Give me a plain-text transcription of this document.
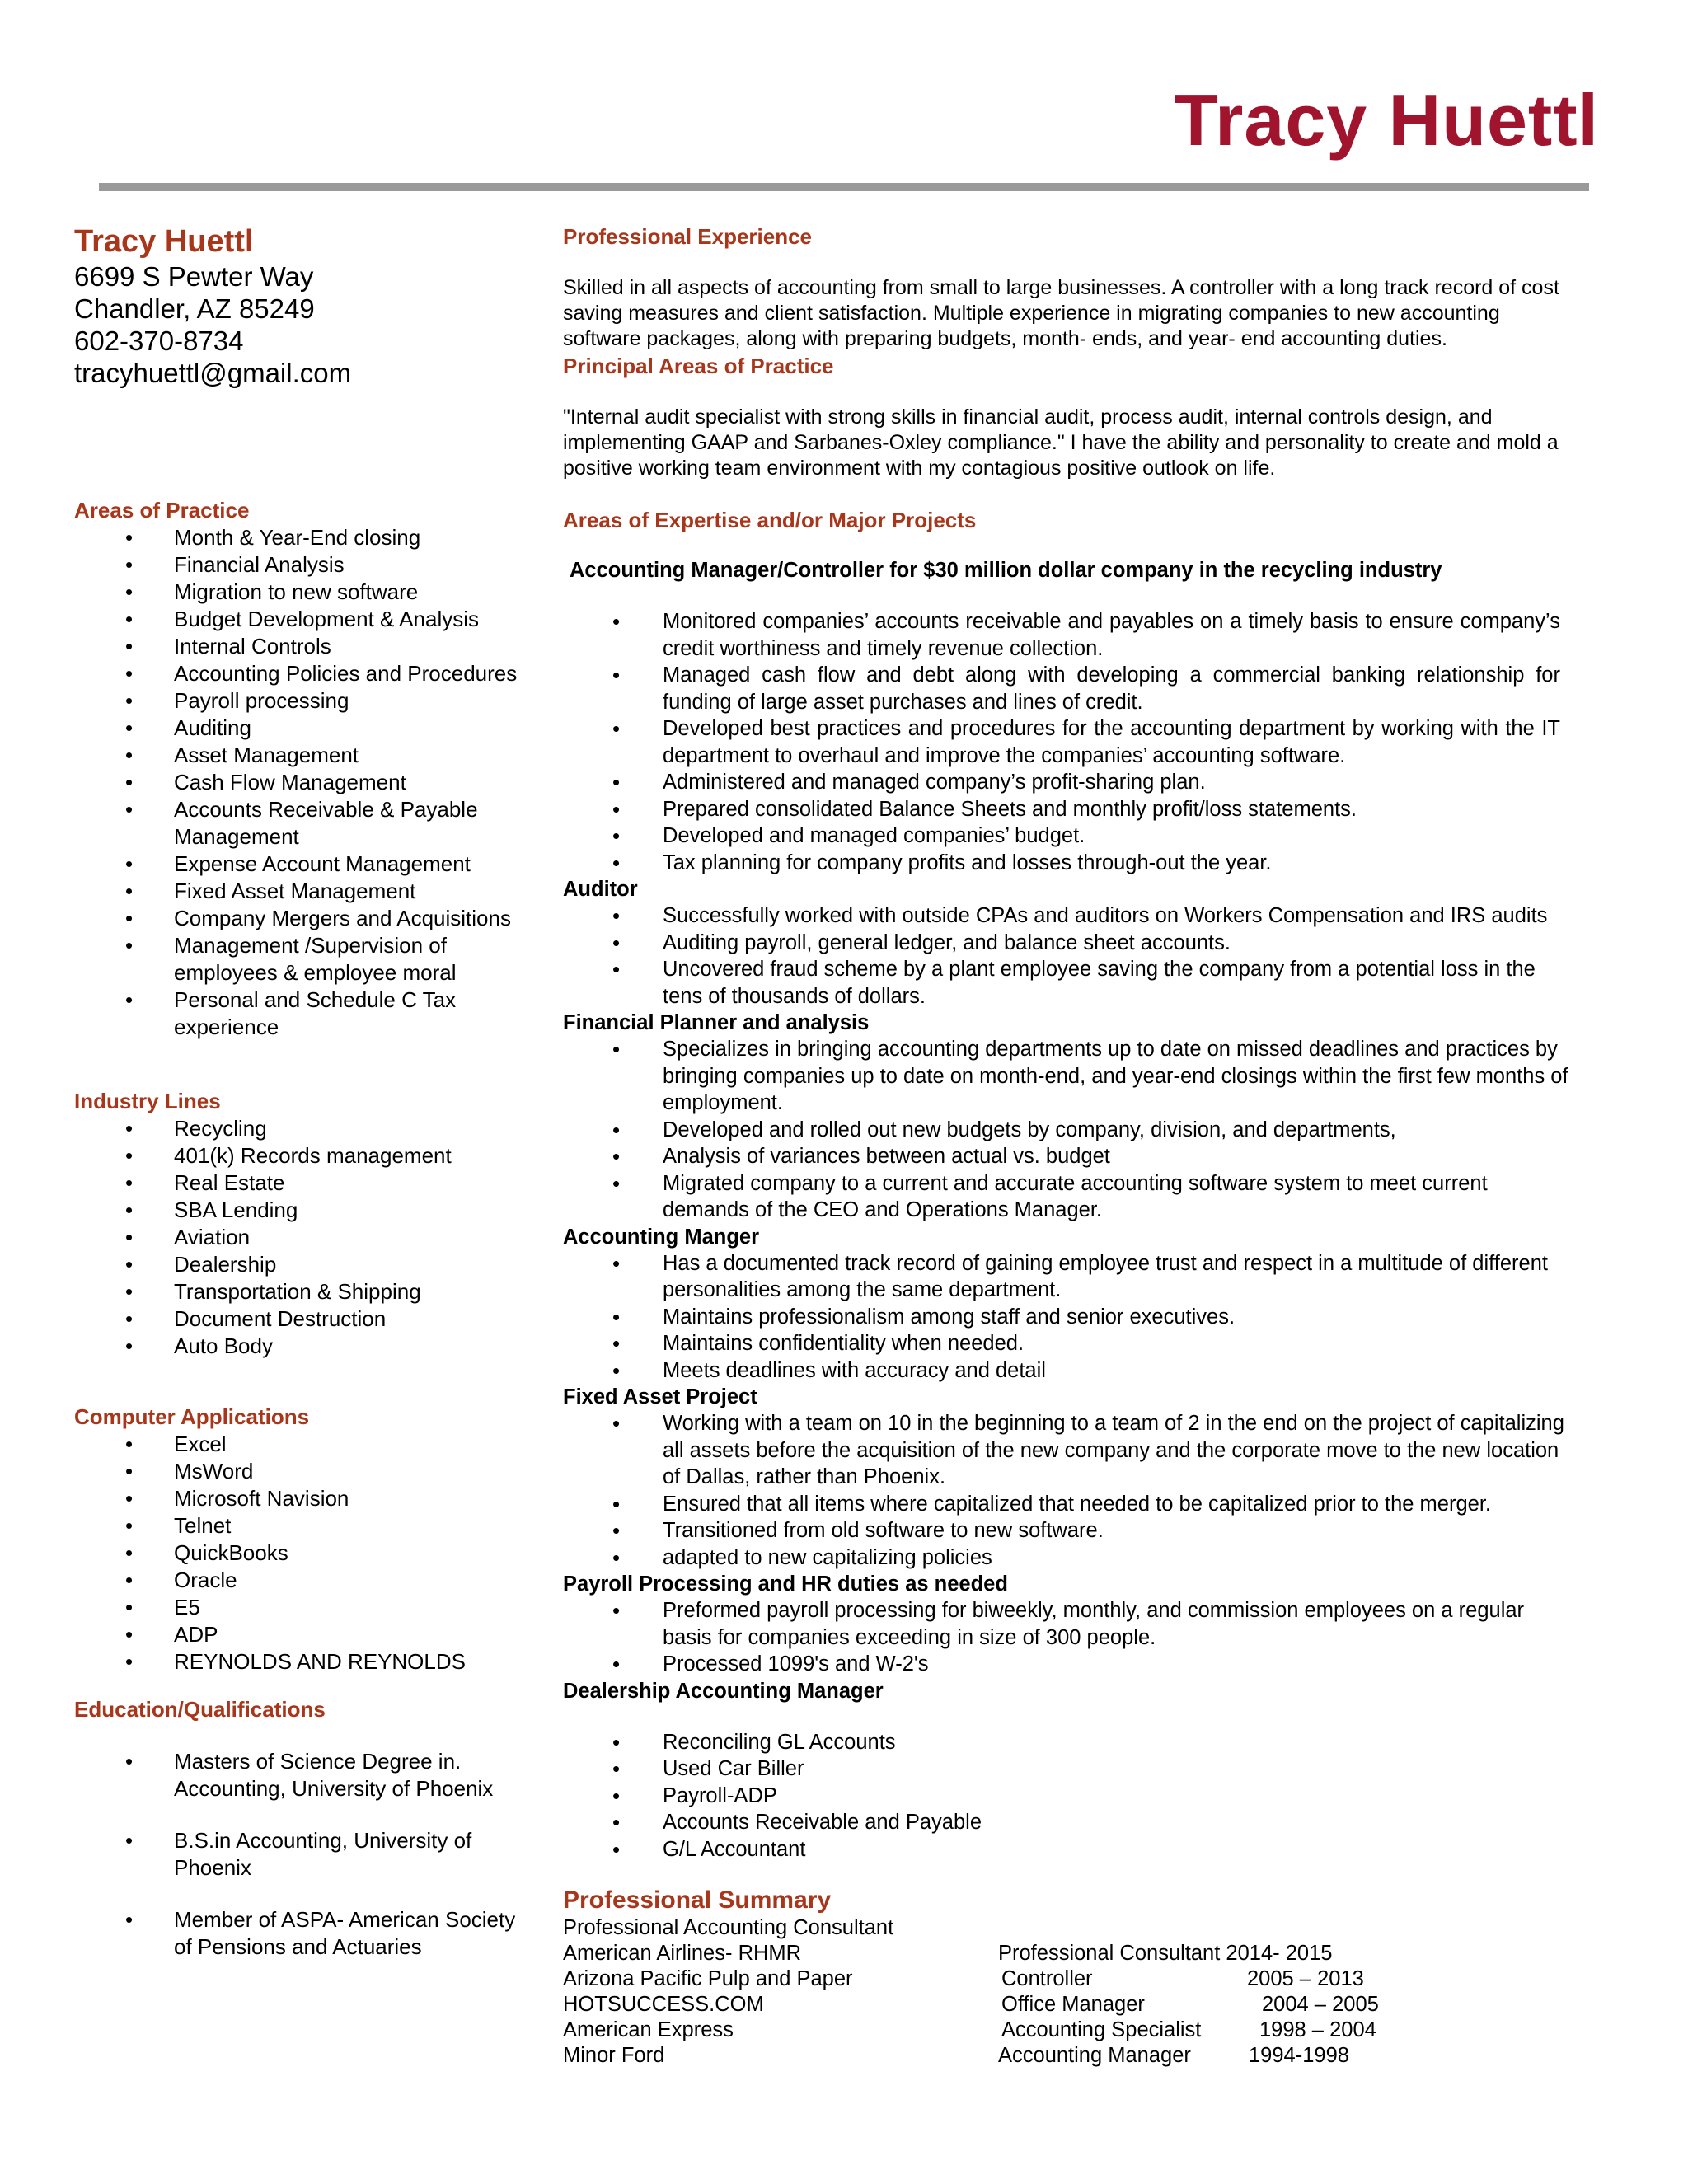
Tracy Huettl
Tracy Huettl
6699 S Pewter Way
Chandler, AZ 85249
602-370-8734
tracyhuettl@gmail.com
Areas of Practice
• Month & Year-End closing
• Financial Analysis
• Migration to new software
• Budget Development & Analysis
• Internal Controls
• Accounting Policies and Procedures
• Payroll processing
• Auditing
• Asset Management
• Cash Flow Management
• Accounts Receivable & Payable Management
• Expense Account Management
• Fixed Asset Management
• Company Mergers and Acquisitions
• Management /Supervision of employees & employee moral
• Personal and Schedule C Tax experience
Industry Lines
• Recycling
• 401(k) Records management
• Real Estate
• SBA Lending
• Aviation
• Dealership
• Transportation & Shipping
• Document Destruction
• Auto Body
Computer Applications
• Excel
• MsWord
• Microsoft Navision
• Telnet
• QuickBooks
• Oracle
• E5
• ADP
• REYNOLDS AND REYNOLDS
Education/Qualifications
• Masters of Science Degree in. Accounting, University of Phoenix
• B.S.in Accounting, University of Phoenix
• Member of ASPA- American Society of Pensions and Actuaries
Professional Experience
Skilled in all aspects of accounting from small to large businesses. A controller with a long track record of cost saving measures and client satisfaction. Multiple experience in migrating companies to new accounting software packages, along with preparing budgets, month- ends, and year- end accounting duties.
Principal Areas of Practice
"Internal audit specialist with strong skills in financial audit, process audit, internal controls design, and implementing GAAP and Sarbanes-Oxley compliance." I have the ability and personality to create and mold a positive working team environment with my contagious positive outlook on life.
Areas of Expertise and/or Major Projects
Accounting Manager/Controller for $30 million dollar company in the recycling industry
• Monitored companies’ accounts receivable and payables on a timely basis to ensure company’s credit worthiness and timely revenue collection.
• Managed cash flow and debt along with developing a commercial banking relationship for funding of large asset purchases and lines of credit.
• Developed best practices and procedures for the accounting department by working with the IT department to overhaul and improve the companies’ accounting software.
• Administered and managed company’s profit-sharing plan.
• Prepared consolidated Balance Sheets and monthly profit/loss statements.
• Developed and managed companies’ budget.
• Tax planning for company profits and losses through-out the year.
Auditor
• Successfully worked with outside CPAs and auditors on Workers Compensation and IRS audits
• Auditing payroll, general ledger, and balance sheet accounts.
• Uncovered fraud scheme by a plant employee saving the company from a potential loss in the tens of thousands of dollars.
Financial Planner and analysis
• Specializes in bringing accounting departments up to date on missed deadlines and practices by bringing companies up to date on month-end, and year-end closings within the first few months of employment.
• Developed and rolled out new budgets by company, division, and departments,
• Analysis of variances between actual vs. budget
• Migrated company to a current and accurate accounting software system to meet current demands of the CEO and Operations Manager.
Accounting Manger
• Has a documented track record of gaining employee trust and respect in a multitude of different personalities among the same department.
• Maintains professionalism among staff and senior executives.
• Maintains confidentiality when needed.
• Meets deadlines with accuracy and detail
Fixed Asset Project
• Working with a team on 10 in the beginning to a team of 2 in the end on the project of capitalizing all assets before the acquisition of the new company and the corporate move to the new location of Dallas, rather than Phoenix.
• Ensured that all items where capitalized that needed to be capitalized prior to the merger.
• Transitioned from old software to new software.
• adapted to new capitalizing policies
Payroll Processing and HR duties as needed
• Preformed payroll processing for biweekly, monthly, and commission employees on a regular basis for companies exceeding in size of 300 people.
• Processed 1099's and W-2's
Dealership Accounting Manager
• Reconciling GL Accounts
• Used Car Biller
• Payroll-ADP
• Accounts Receivable and Payable
• G/L Accountant
Professional Summary
Professional Accounting Consultant
American Airlines- RHMR	Professional Consultant 2014- 2015
Arizona Pacific Pulp and Paper	Controller	2005 – 2013
HOTSUCCESS.COM	Office Manager	2004 – 2005
American Express	Accounting Specialist	1998 – 2004
Minor Ford	Accounting Manager	1994-1998
